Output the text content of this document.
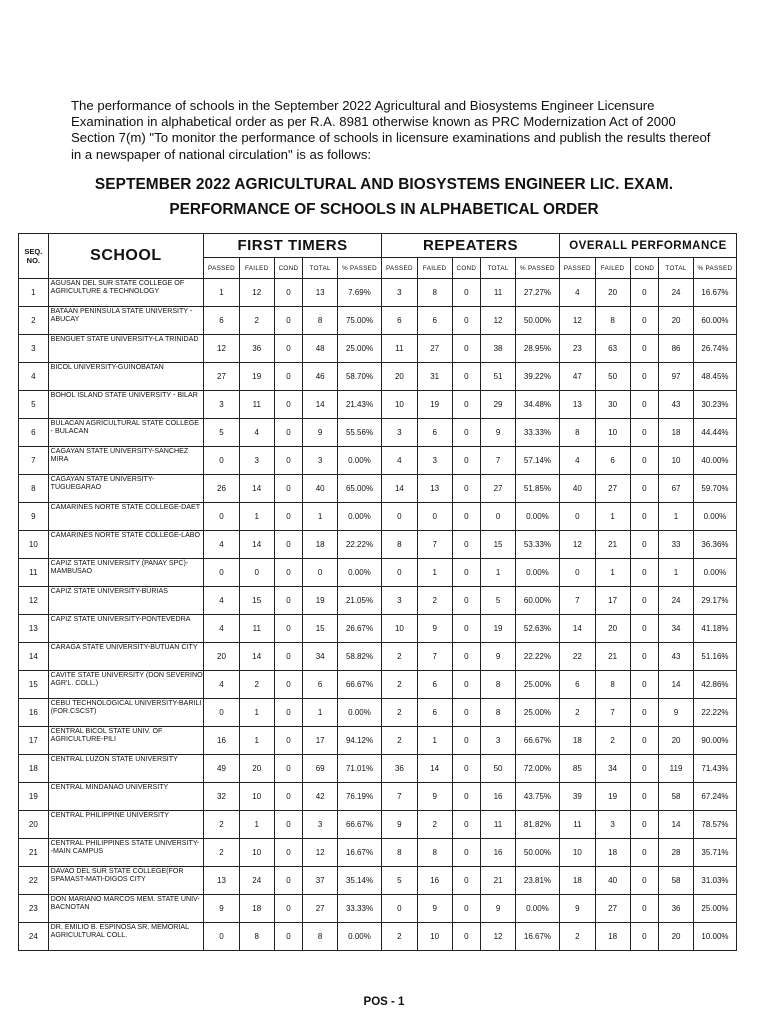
The performance of schools in the September 2022 Agricultural and Biosystems Engineer Licensure Examination in alphabetical order as per R.A. 8981 otherwise known as PRC Modernization Act of 2000 Section 7(m) "To monitor the performance of schools in licensure examinations and publish the results thereof in a newspaper of national circulation" is as follows:

SEPTEMBER 2022 AGRICULTURAL AND BIOSYSTEMS ENGINEER LIC. EXAM.

PERFORMANCE OF SCHOOLS IN ALPHABETICAL ORDER

SEQ. NO.	SCHOOL	FIRST TIMERS					REPEATERS					OVERALL PERFORMANCE				
		PASSED	FAILED	COND	TOTAL	% PASSED	PASSED	FAILED	COND	TOTAL	% PASSED	PASSED	FAILED	COND	TOTAL	% PASSED
1	AGUSAN DEL SUR STATE COLLEGE OF AGRICULTURE & TECHNOLOGY	1	12	0	13	7.69%	3	8	0	11	27.27%	4	20	0	24	16.67%
2	BATAAN PENINSULA STATE UNIVERSITY - ABUCAY	6	2	0	8	75.00%	6	6	0	12	50.00%	12	8	0	20	60.00%
3	BENGUET STATE UNIVERSITY-LA TRINIDAD	12	36	0	48	25.00%	11	27	0	38	28.95%	23	63	0	86	26.74%
4	BICOL UNIVERSITY-GUINOBATAN	27	19	0	46	58.70%	20	31	0	51	39.22%	47	50	0	97	48.45%
5	BOHOL ISLAND STATE UNIVERSITY - BILAR	3	11	0	14	21.43%	10	19	0	29	34.48%	13	30	0	43	30.23%
6	BULACAN AGRICULTURAL STATE COLLEGE - BULACAN	5	4	0	9	55.56%	3	6	0	9	33.33%	8	10	0	18	44.44%
7	CAGAYAN STATE UNIVERSITY-SANCHEZ MIRA	0	3	0	3	0.00%	4	3	0	7	57.14%	4	6	0	10	40.00%
8	CAGAYAN STATE UNIVERSITY-TUGUEGARAO	26	14	0	40	65.00%	14	13	0	27	51.85%	40	27	0	67	59.70%
9	CAMARINES NORTE STATE COLLEGE-DAET	0	1	0	1	0.00%	0	0	0	0	0.00%	0	1	0	1	0.00%
10	CAMARINES NORTE STATE COLLEGE-LABO	4	14	0	18	22.22%	8	7	0	15	53.33%	12	21	0	33	36.36%
11	CAPIZ STATE UNIVERSITY (PANAY SPC)-MAMBUSAO	0	0	0	0	0.00%	0	1	0	1	0.00%	0	1	0	1	0.00%
12	CAPIZ STATE UNIVERSITY-BURIAS	4	15	0	19	21.05%	3	2	0	5	60.00%	7	17	0	24	29.17%
13	CAPIZ STATE UNIVERSITY-PONTEVEDRA	4	11	0	15	26.67%	10	9	0	19	52.63%	14	20	0	34	41.18%
14	CARAGA STATE UNIVERSITY-BUTUAN CITY	20	14	0	34	58.82%	2	7	0	9	22.22%	22	21	0	43	51.16%
15	CAVITE STATE UNIVERSITY (DON SEVERINO AGR'L. COLL.)	4	2	0	6	66.67%	2	6	0	8	25.00%	6	8	0	14	42.86%
16	CEBU TECHNOLOGICAL UNIVERSITY-BARILI (FOR.CSCST)	0	1	0	1	0.00%	2	6	0	8	25.00%	2	7	0	9	22.22%
17	CENTRAL BICOL STATE UNIV. OF AGRICULTURE-PILI	16	1	0	17	94.12%	2	1	0	3	66.67%	18	2	0	20	90.00%
18	CENTRAL LUZON STATE UNIVERSITY	49	20	0	69	71.01%	36	14	0	50	72.00%	85	34	0	119	71.43%
19	CENTRAL MINDANAO UNIVERSITY	32	10	0	42	76.19%	7	9	0	16	43.75%	39	19	0	58	67.24%
20	CENTRAL PHILIPPINE UNIVERSITY	2	1	0	3	66.67%	9	2	0	11	81.82%	11	3	0	14	78.57%
21	CENTRAL PHILIPPINES STATE UNIVERSITY- -MAIN CAMPUS	2	10	0	12	16.67%	8	8	0	16	50.00%	10	18	0	28	35.71%
22	DAVAO DEL SUR STATE COLLEGE(FOR SPAMAST-MATI-DIGOS CITY	13	24	0	37	35.14%	5	16	0	21	23.81%	18	40	0	58	31.03%
23	DON MARIANO MARCOS MEM. STATE UNIV-BACNOTAN	9	18	0	27	33.33%	0	9	0	9	0.00%	9	27	0	36	25.00%
24	DR. EMILIO B. ESPINOSA SR. MEMORIAL AGRICULTURAL COLL.	0	8	0	8	0.00%	2	10	0	12	16.67%	2	18	0	20	10.00%

POS - 1
